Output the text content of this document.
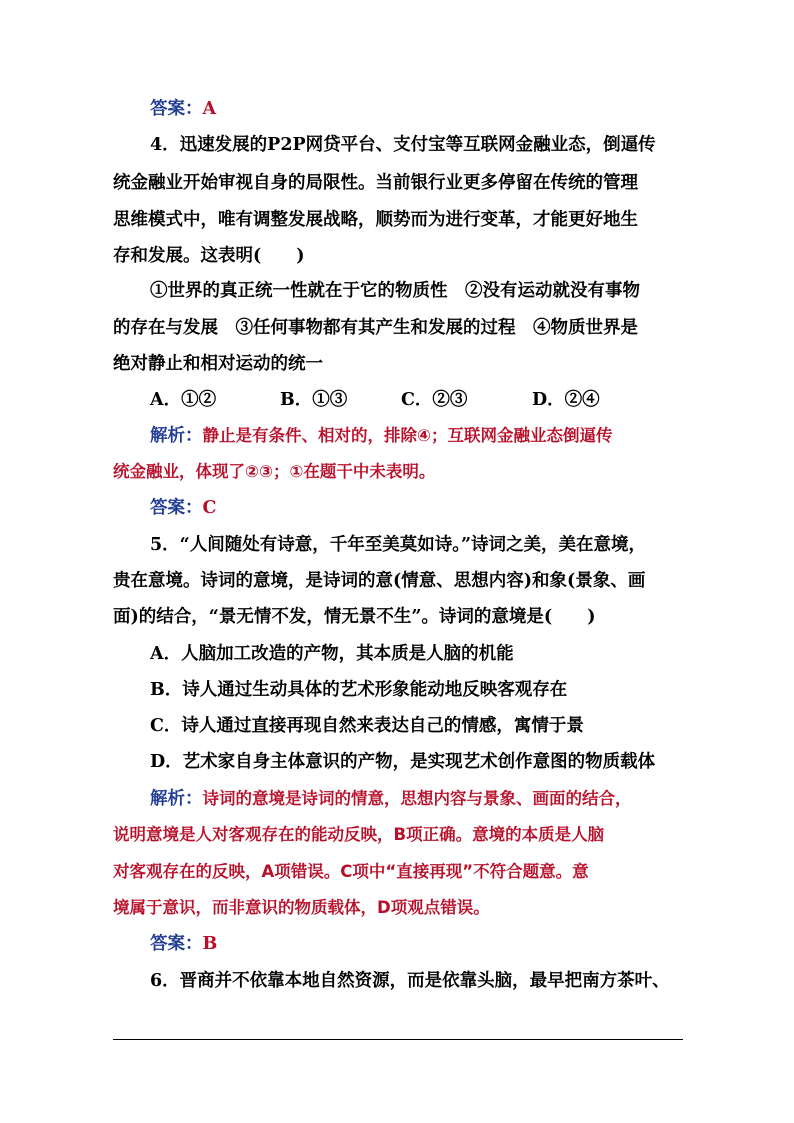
答案：A
4．迅速发展的P2P网贷平台、支付宝等互联网金融业态，倒逼传
统金融业开始审视自身的局限性。当前银行业更多停留在传统的管理
思维模式中，唯有调整发展战略，顺势而为进行变革，才能更好地生
存和发展。这表明(　　)
①世界的真正统一性就在于它的物质性　②没有运动就没有事物
的存在与发展　③任何事物都有其产生和发展的过程　④物质世界是
绝对静止和相对运动的统一
A．①②	B．①③	C．②③	D．②④
解析：静止是有条件、相对的，排除④；互联网金融业态倒逼传
统金融业，体现了②③；①在题干中未表明。
答案：C
5．“人间随处有诗意，千年至美莫如诗。”诗词之美，美在意境，
贵在意境。诗词的意境，是诗词的意(情意、思想内容)和象(景象、画
面)的结合，“景无情不发，情无景不生”。诗词的意境是(　　)
A．人脑加工改造的产物，其本质是人脑的机能
B．诗人通过生动具体的艺术形象能动地反映客观存在
C．诗人通过直接再现自然来表达自己的情感，寓情于景
D．艺术家自身主体意识的产物，是实现艺术创作意图的物质载体
解析：诗词的意境是诗词的情意，思想内容与景象、画面的结合，
说明意境是人对客观存在的能动反映，B项正确。意境的本质是人脑
对客观存在的反映，A项错误。C项中“直接再现”不符合题意。意
境属于意识，而非意识的物质载体，D项观点错误。
答案：B
6．晋商并不依靠本地自然资源，而是依靠头脑，最早把南方茶叶、
